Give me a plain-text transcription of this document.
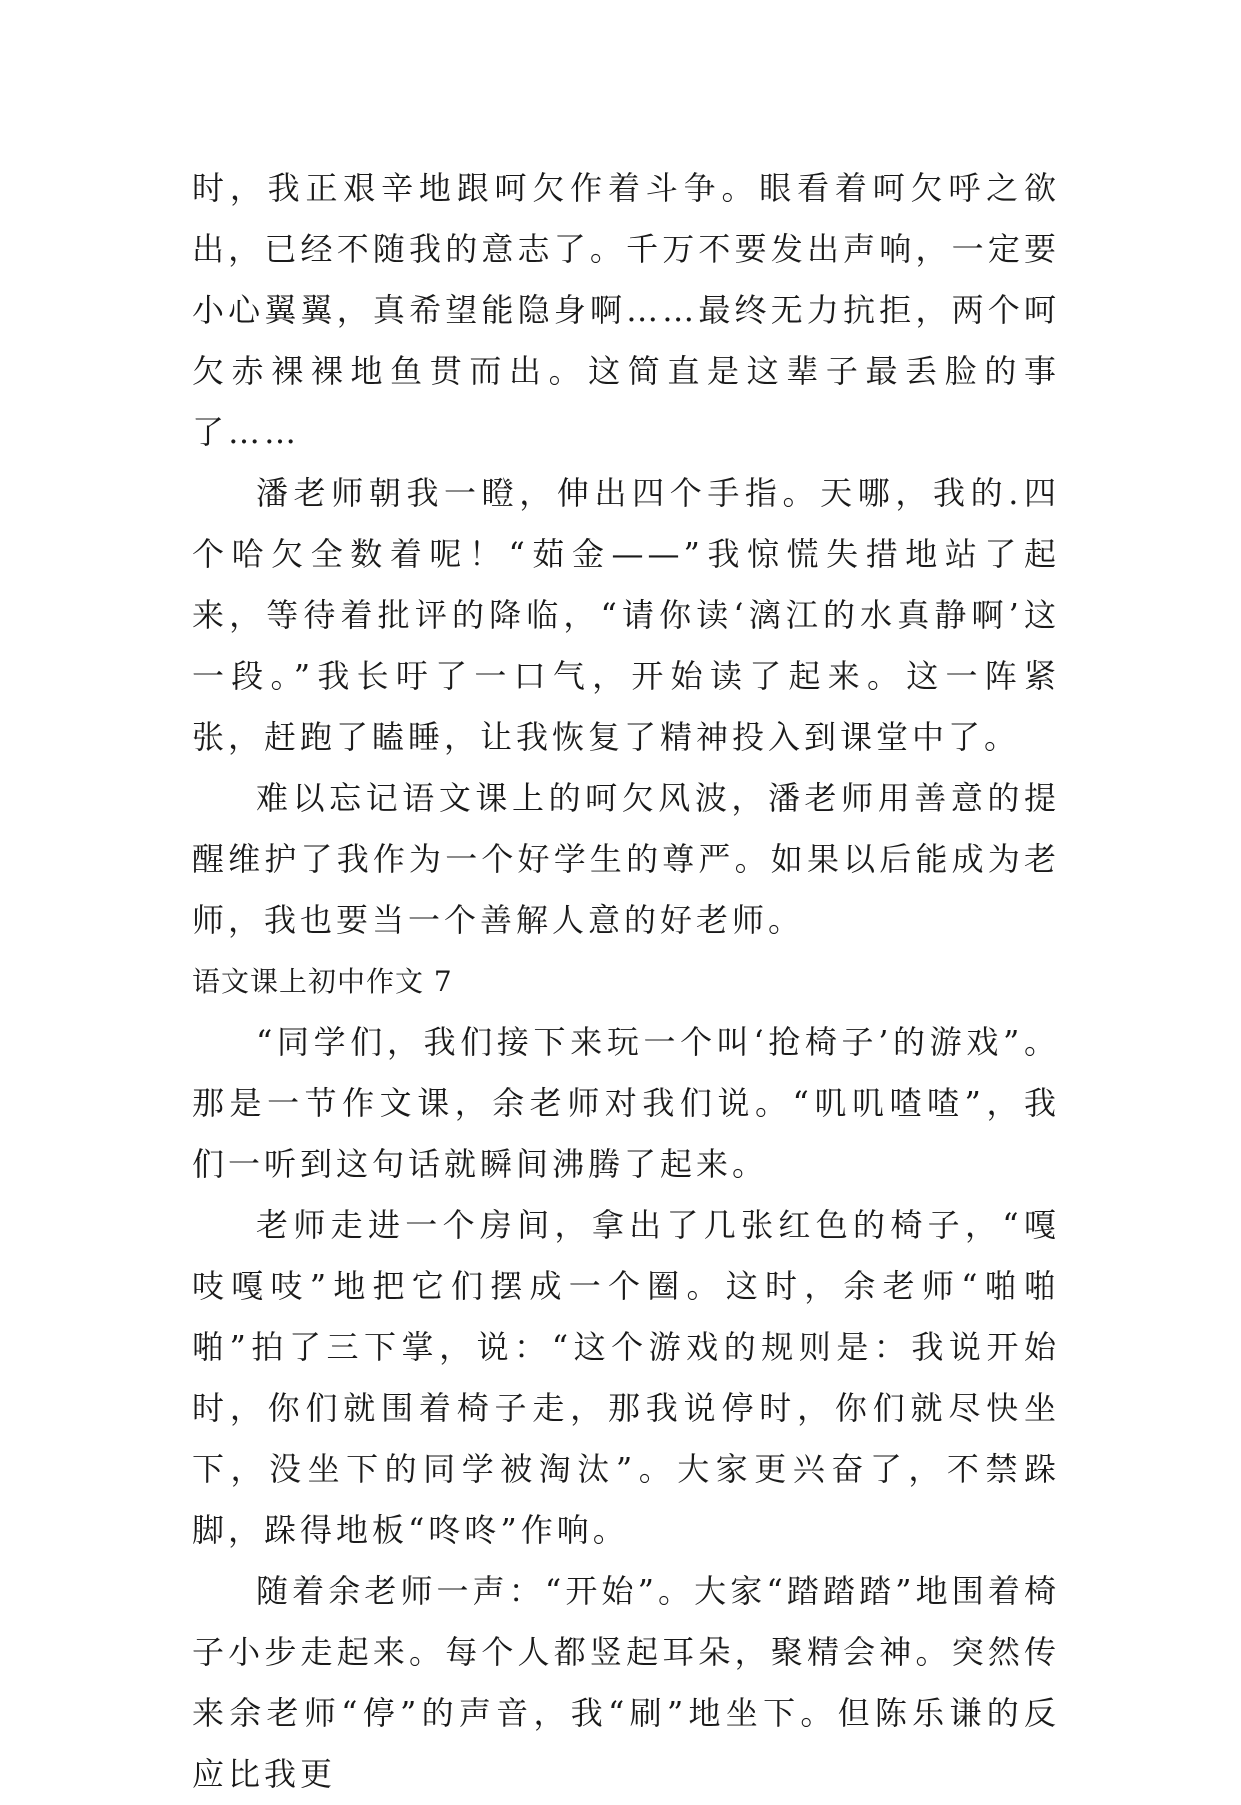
时，我正艰辛地跟呵欠作着斗争。眼看着呵欠呼之欲出，已经不随我的意志了。千万不要发出声响，一定要小心翼翼，真希望能隐身啊……最终无力抗拒，两个呵欠赤裸裸地鱼贯而出。这简直是这辈子最丢脸的事了……

潘老师朝我一瞪，伸出四个手指。天哪，我的.四个哈欠全数着呢！“茹金——”我惊慌失措地站了起来，等待着批评的降临，“请你读‘漓江的水真静啊’这一段。”我长吁了一口气，开始读了起来。这一阵紧张，赶跑了瞌睡，让我恢复了精神投入到课堂中了。

难以忘记语文课上的呵欠风波，潘老师用善意的提醒维护了我作为一个好学生的尊严。如果以后能成为老师，我也要当一个善解人意的好老师。

语文课上初中作文 7

“同学们，我们接下来玩一个叫‘抢椅子’的游戏”。那是一节作文课，余老师对我们说。“叽叽喳喳”，我们一听到这句话就瞬间沸腾了起来。

老师走进一个房间，拿出了几张红色的椅子，“嘎吱嘎吱”地把它们摆成一个圈。这时，余老师“啪啪啪”拍了三下掌，说：“这个游戏的规则是：我说开始时，你们就围着椅子走，那我说停时，你们就尽快坐下，没坐下的同学被淘汰”。大家更兴奋了，不禁跺脚，跺得地板“咚咚”作响。

随着余老师一声：“开始”。大家“踏踏踏”地围着椅子小步走起来。每个人都竖起耳朵，聚精会神。突然传来余老师“停”的声音，我“刷”地坐下。但陈乐谦的反应比我更
